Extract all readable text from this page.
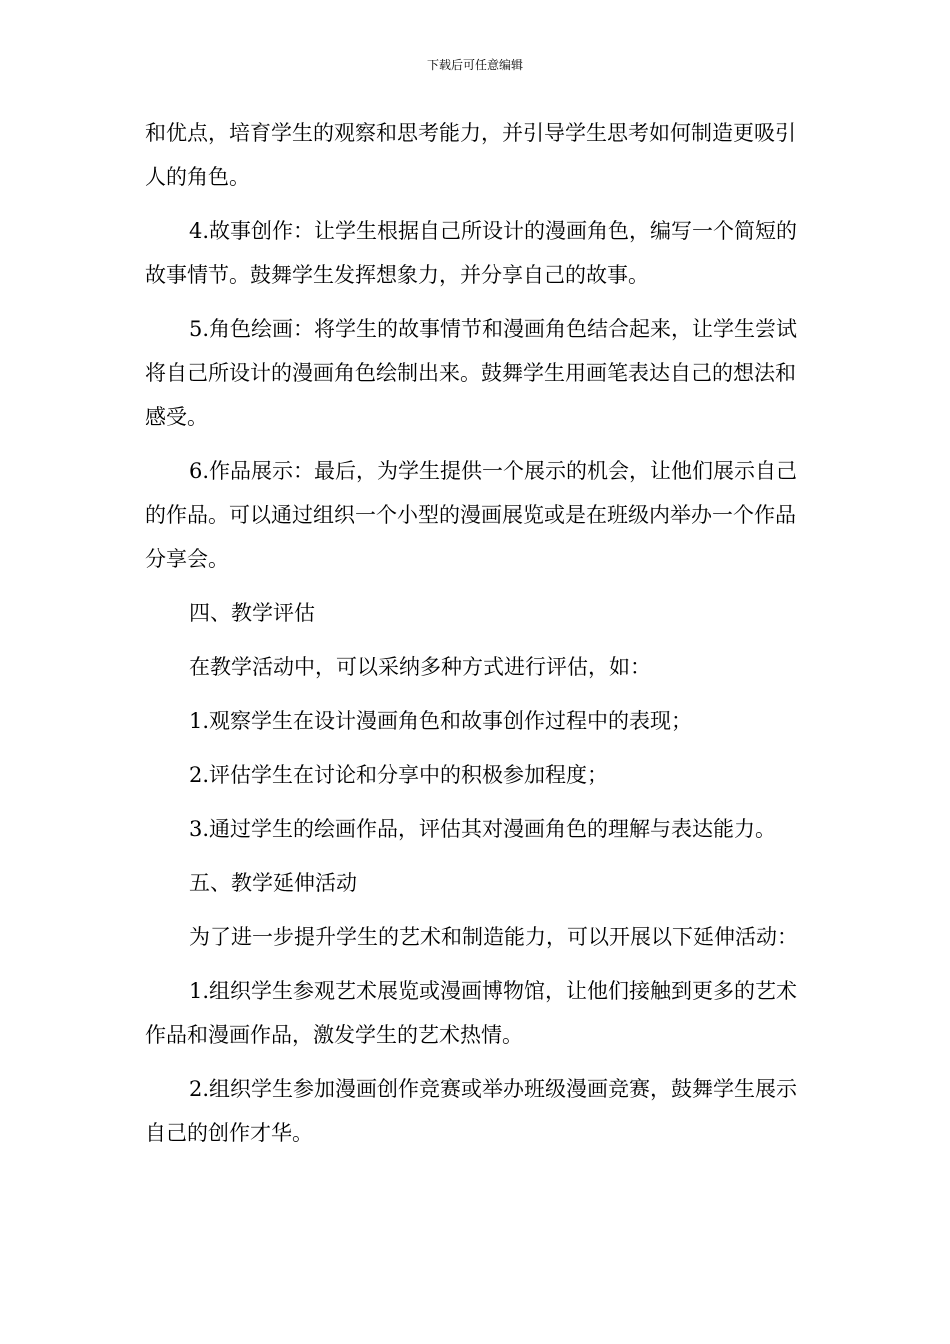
下载后可任意编辑

和优点，培育学生的观察和思考能力，并引导学生思考如何制造更吸引人的角色。

4.故事创作：让学生根据自己所设计的漫画角色，编写一个简短的故事情节。鼓舞学生发挥想象力，并分享自己的故事。

5.角色绘画：将学生的故事情节和漫画角色结合起来，让学生尝试将自己所设计的漫画角色绘制出来。鼓舞学生用画笔表达自己的想法和感受。

6.作品展示：最后，为学生提供一个展示的机会，让他们展示自己的作品。可以通过组织一个小型的漫画展览或是在班级内举办一个作品分享会。

四、教学评估

在教学活动中，可以采纳多种方式进行评估，如：

1.观察学生在设计漫画角色和故事创作过程中的表现；

2.评估学生在讨论和分享中的积极参加程度；

3.通过学生的绘画作品，评估其对漫画角色的理解与表达能力。

五、教学延伸活动

为了进一步提升学生的艺术和制造能力，可以开展以下延伸活动：

1.组织学生参观艺术展览或漫画博物馆，让他们接触到更多的艺术作品和漫画作品，激发学生的艺术热情。

2.组织学生参加漫画创作竞赛或举办班级漫画竞赛，鼓舞学生展示自己的创作才华。
